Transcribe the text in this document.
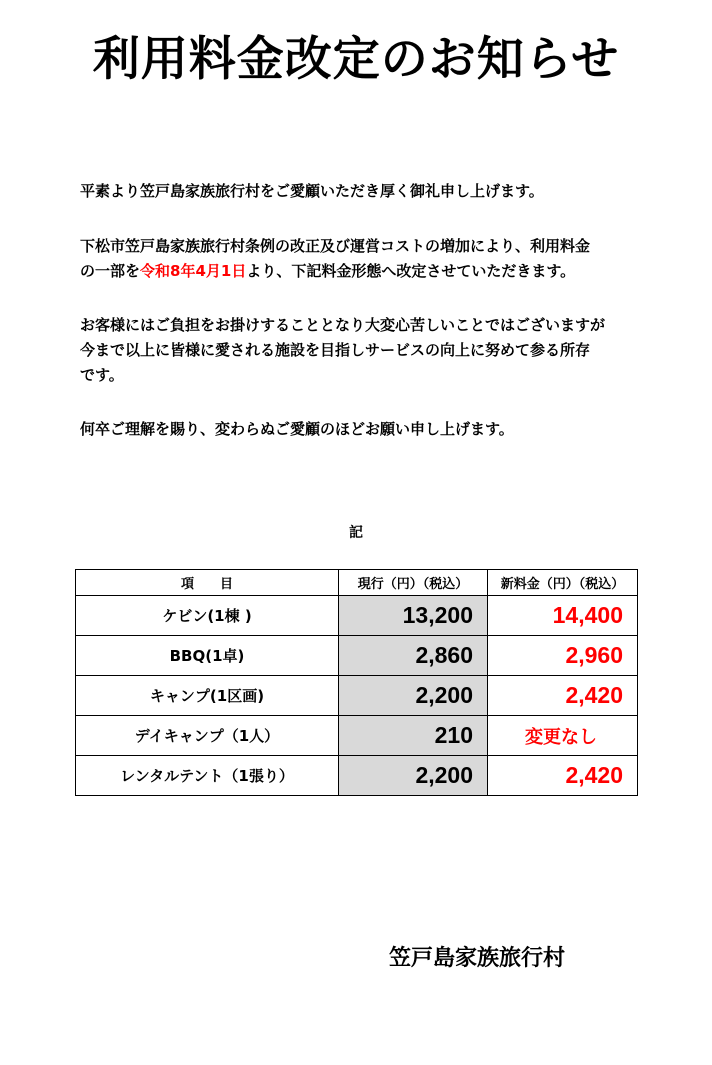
利用料金改定のお知らせ

平素より笠戸島家族旅行村をご愛顧いただき厚く御礼申し上げます。

下松市笠戸島家族旅行村条例の改正及び運営コストの増加により、利用料金
の一部を令和8年4月1日より、下記料金形態へ改定させていただきます。

お客様にはご負担をお掛けすることとなり大変心苦しいことではございますが
今まで以上に皆様に愛される施設を目指しサービスの向上に努めて参る所存
です。

何卒ご理解を賜り、変わらぬご愛顧のほどお願い申し上げます。

記
項　　目	現行（円）（税込）	新料金（円）（税込）
ケビン(1棟 )	13,200	14,400
BBQ(1卓)	2,860	2,960
キャンプ(1区画)	2,200	2,420
デイキャンプ（1人）	210	変更なし
レンタルテント（1張り）	2,200	2,420
笠戸島家族旅行村
